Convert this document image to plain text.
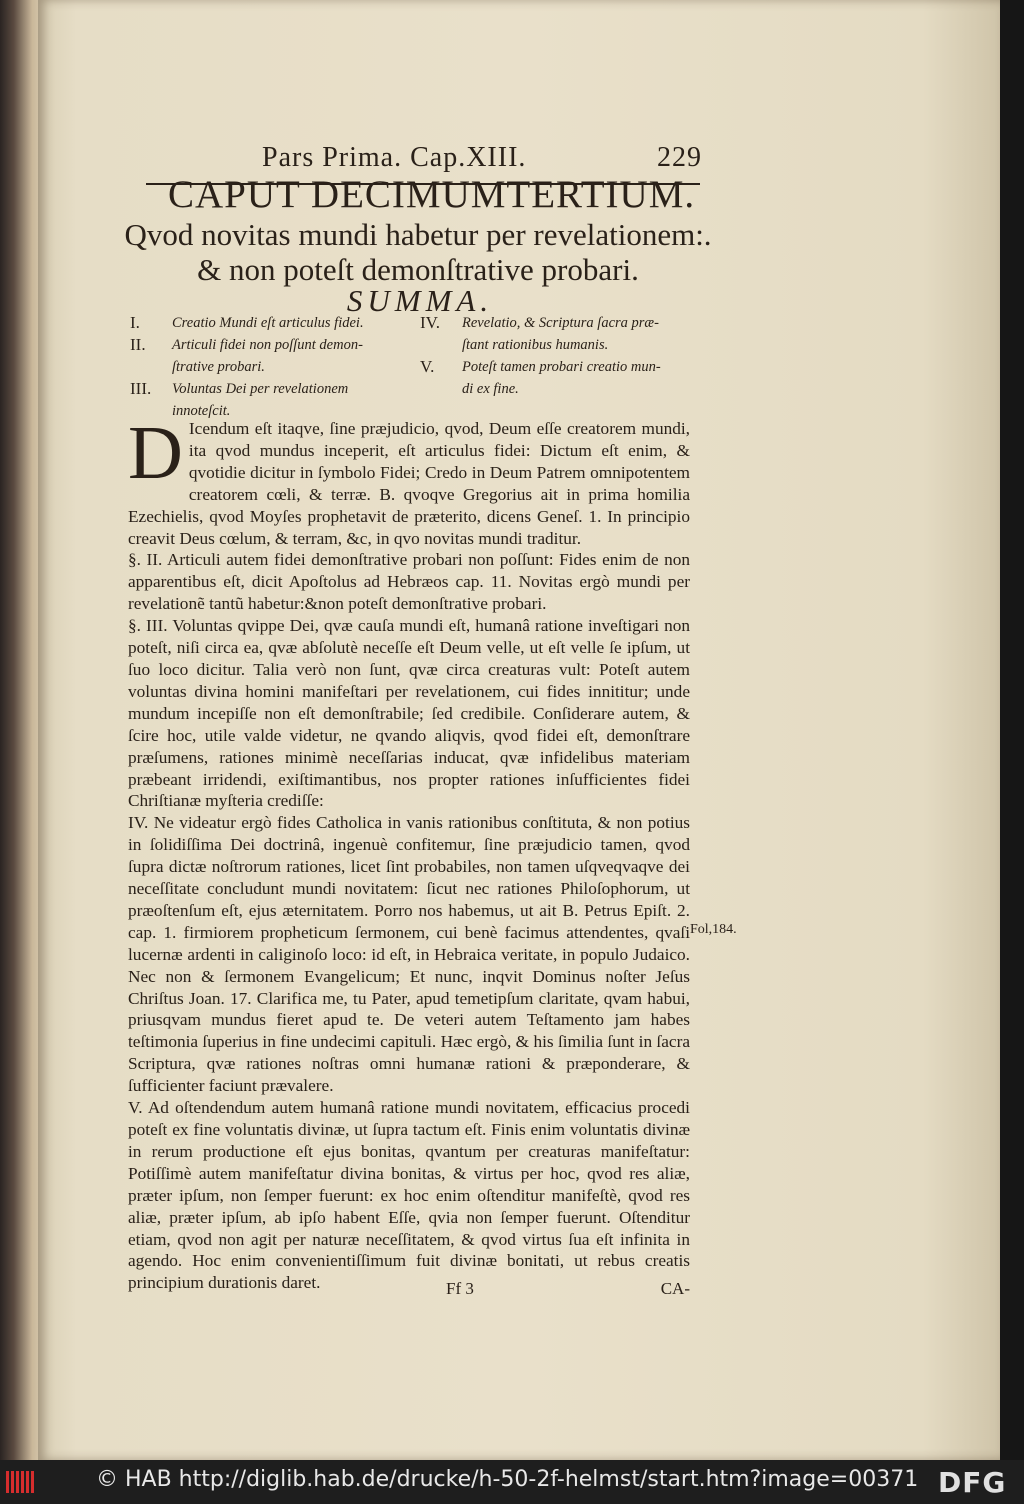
Pars Prima. Cap.XIII.	229
CAPUT DECIMUMTERTIUM.
Qvod novitas mundi habetur per revelationem:.
& non poteſt demonſtrative probari.
SUMMA.
I. Creatio Mundi eſt articulus fidei.
II. Articuli fidei non poſſunt demon-
ſtrative probari.
III. Voluntas Dei per revelationem
innoteſcit.
IV. Revelatio, & Scriptura ſacra præ-
ſtant rationibus humanis.
V. Poteſt tamen probari creatio mun-
di ex fine.

D Icendum eſt itaqve, ſine præjudicio, qvod, Deum eſſe creatorem mundi, ita qvod mundus inceperit, eſt articulus fidei: Dictum eſt enim, & qvotidie dicitur in ſymbolo Fidei; Credo in Deum Patrem omnipotentem creatorem cœli, & terræ. B. qvoqve Gregorius ait in prima homilia Ezechielis, qvod Moyſes prophetavit de præterito, dicens Geneſ. 1. In principio creavit Deus cœlum, & terram, &c, in qvo novitas mundi traditur.

§. II. Articuli autem fidei demonſtrative probari non poſſunt: Fides enim de non apparentibus eſt, dicit Apoſtolus ad Hebræos cap. 11. Novitas ergò mundi per revelationẽ tantũ habetur:&non poteſt demonſtrative probari.

§. III. Voluntas qvippe Dei, qvæ cauſa mundi eſt, humanâ ratione inveſtigari non poteſt, niſi circa ea, qvæ abſolutè neceſſe eſt Deum velle, ut eſt velle ſe ipſum, ut ſuo loco dicitur. Talia verò non ſunt, qvæ circa creaturas vult: Poteſt autem voluntas divina homini manifeſtari per revelationem, cui fides innititur; unde mundum incepiſſe non eſt demonſtrabile; ſed credibile. Conſiderare autem, & ſcire hoc, utile valde videtur, ne qvando aliqvis, qvod fidei eſt, demonſtrare præſumens, rationes minimè neceſſarias inducat, qvæ infidelibus materiam præbeant irridendi, exiſtimantibus, nos propter rationes inſufficientes fidei Chriſtianæ myſteria crediſſe:

IV. Ne videatur ergò fides Catholica in vanis rationibus conſtituta, & non potius in ſolidiſſima Dei doctrinâ, ingenuè confitemur, ſine præjudicio tamen, qvod ſupra dictæ noſtrorum rationes, licet ſint probabiles, non tamen uſqveqvaqve dei neceſſitate concludunt mundi novitatem: ſicut nec rationes Philoſophorum, ut præoſtenſum eſt, ejus æternitatem. Porro nos habemus, ut ait B. Petrus Epiſt. 2. cap. 1. firmiorem propheticum ſermonem, cui benè facimus attendentes, qvaſi lucernæ ardenti in caliginoſo loco: id eſt, in Hebraica veritate, in populo Judaico. Nec non & ſermonem Evangelicum; Et nunc, inqvit Dominus noſter Jeſus Chriſtus Joan. 17. Clarifica me, tu Pater, apud temetipſum claritate, qvam habui, priusqvam mundus fieret apud te. De veteri autem Teſtamento jam habes teſtimonia ſuperius in fine undecimi capituli. Hæc ergò, & his ſimilia ſunt in ſacra Scriptura, qvæ rationes noſtras omni humanæ rationi & præponderare, & ſufficienter faciunt prævalere.

V. Ad oſtendendum autem humanâ ratione mundi novitatem, efficacius procedi poteſt ex fine voluntatis divinæ, ut ſupra tactum eſt. Finis enim voluntatis divinæ in rerum productione eſt ejus bonitas, qvantum per creaturas manifeſtatur: Potiſſimè autem manifeſtatur divina bonitas, & virtus per hoc, qvod res aliæ, præter ipſum, non ſemper fuerunt: ex hoc enim oſtenditur manifeſtè, qvod res aliæ, præter ipſum, ab ipſo habent Eſſe, qvia non ſemper fuerunt. Oſtenditur etiam, qvod non agit per naturæ neceſſitatem, & qvod virtus ſua eſt infinita in agendo. Hoc enim convenientiſſimum fuit divinæ bonitati, ut rebus creatis principium durationis daret.

Fol,184.
Ff 3	CA-
© HAB http://diglib.hab.de/drucke/h-50-2f-helmst/start.htm?image=00371 DFG
